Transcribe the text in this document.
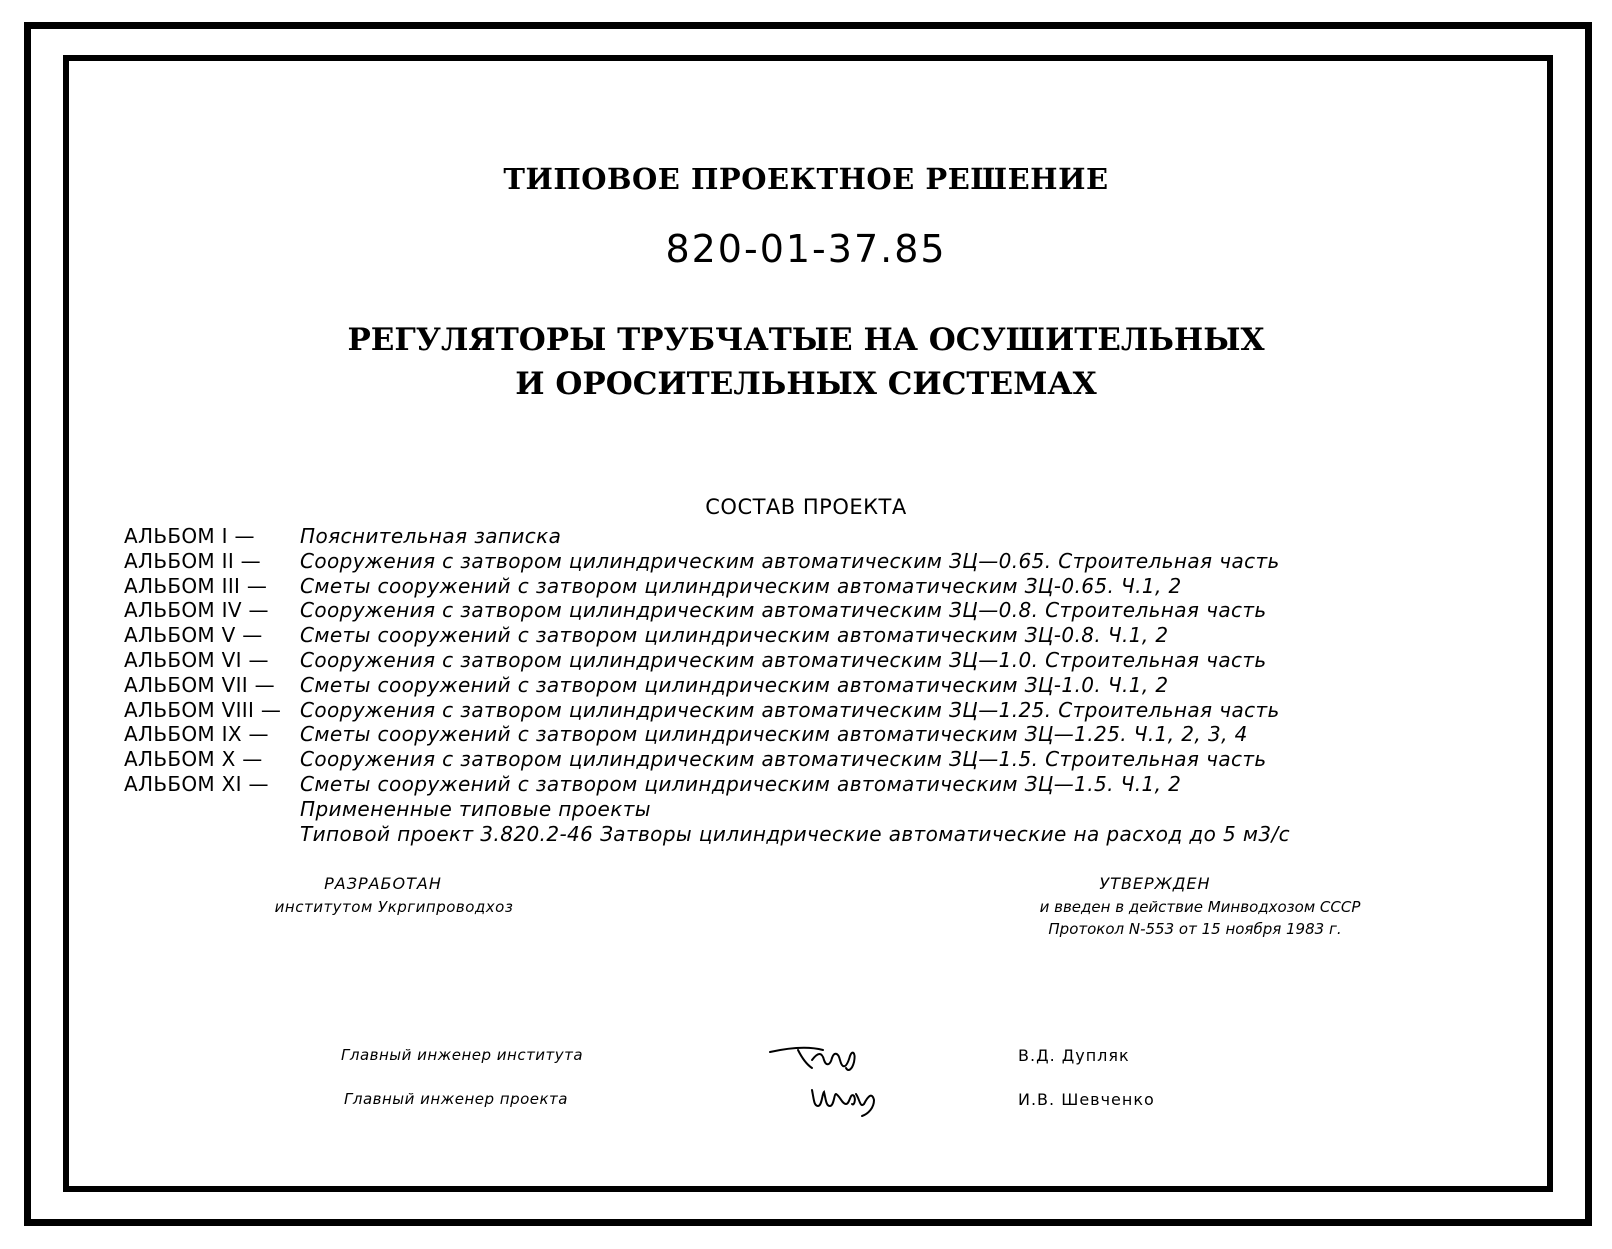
ТИПОВОЕ ПРОЕКТНОЕ РЕШЕНИЕ
820-01-37.85
РЕГУЛЯТОРЫ ТРУБЧАТЫЕ НА ОСУШИТЕЛЬНЫХ
И ОРОСИТЕЛЬНЫХ СИСТЕМАХ
СОСТАВ ПРОЕКТА
АЛЬБОМ I — Пояснительная записка
АЛЬБОМ II — Сооружения с затвором цилиндрическим автоматическим ЗЦ—0.65. Строительная часть
АЛЬБОМ III — Сметы сооружений с затвором цилиндрическим автоматическим ЗЦ-0.65. Ч.1, 2
АЛЬБОМ IV — Сооружения с затвором цилиндрическим автоматическим ЗЦ—0.8. Строительная часть
АЛЬБОМ V — Сметы сооружений с затвором цилиндрическим автоматическим ЗЦ-0.8. Ч.1, 2
АЛЬБОМ VI — Сооружения с затвором цилиндрическим автоматическим ЗЦ—1.0. Строительная часть
АЛЬБОМ VII — Сметы сооружений с затвором цилиндрическим автоматическим ЗЦ-1.0. Ч.1, 2
АЛЬБОМ VIII — Сооружения с затвором цилиндрическим автоматическим ЗЦ—1.25. Строительная часть
АЛЬБОМ IX — Сметы сооружений с затвором цилиндрическим автоматическим ЗЦ—1.25. Ч.1, 2, 3, 4
АЛЬБОМ X — Сооружения с затвором цилиндрическим автоматическим ЗЦ—1.5. Строительная часть
АЛЬБОМ XI — Сметы сооружений с затвором цилиндрическим автоматическим ЗЦ—1.5. Ч.1, 2
Примененные типовые проекты
Типовой проект 3.820.2-46 Затворы цилиндрические автоматические на расход до 5 м3/с
РАЗРАБОТАН
институтом Укргипроводхоз
УТВЕРЖДЕН
и введен в действие Минводхозом СССР
Протокол N-553 от 15 ноября 1983 г.
Главный инженер института
Главный инженер проекта
В.Д. Дупляк
И.В. Шевченко
